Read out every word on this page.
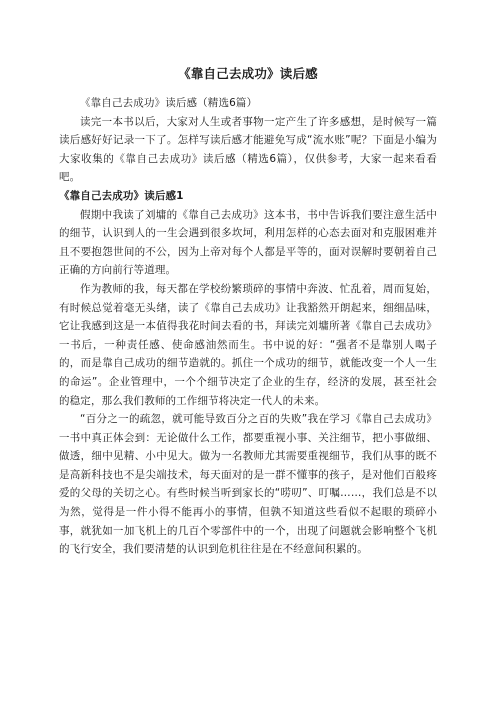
《靠自己去成功》读后感

《靠自己去成功》读后感（精选6篇）

读完一本书以后，大家对人生或者事物一定产生了许多感想，是时候写一篇读后感好好记录一下了。怎样写读后感才能避免写成“流水账”呢？下面是小编为大家收集的《靠自己去成功》读后感（精选6篇），仅供参考，大家一起来看看吧。

《靠自己去成功》读后感1

假期中我读了刘墉的《靠自己去成功》这本书，书中告诉我们要注意生活中的细节，认识到人的一生会遇到很多坎坷，利用怎样的心态去面对和克服困难并且不要抱怨世间的不公，因为上帝对每个人都是平等的，面对误解时要朝着自己正确的方向前行等道理。

作为教师的我，每天都在学校纷繁琐碎的事情中奔波、忙乱着，周而复始，有时候总觉着毫无头绪，读了《靠自己去成功》让我豁然开朗起来，细细品味，它让我感到这是一本值得我花时间去看的书，拜读完刘墉所著《靠自己去成功》一书后，一种责任感、使命感油然而生。书中说的好：“强者不是靠别人喝子的，而是靠自己成功的细节造就的。抓住一个成功的细节，就能改变一个人一生的命运”。企业管理中，一个个细节决定了企业的生存，经济的发展，甚至社会的稳定，那么我们教师的工作细节将决定一代人的未来。

“百分之一的疏忽，就可能导致百分之百的失败”我在学习《靠自己去成功》一书中真正体会到：无论做什么工作，都要重视小事、关注细节，把小事做细、做透，细中见精、小中见大。做为一名教师尤其需要重视细节，我们从事的既不是高新科技也不是尖端技术，每天面对的是一群不懂事的孩子，是对他们百般疼爱的父母的关切之心。有些时候当听到家长的“唠叨”、叮嘱……，我们总是不以为然，觉得是一件小得不能再小的事情，但孰不知道这些看似不起眼的琐碎小事，就犹如一加飞机上的几百个零部件中的一个，出现了问题就会影响整个飞机的飞行安全，我们要清楚的认识到危机往往是在不经意间积累的。
